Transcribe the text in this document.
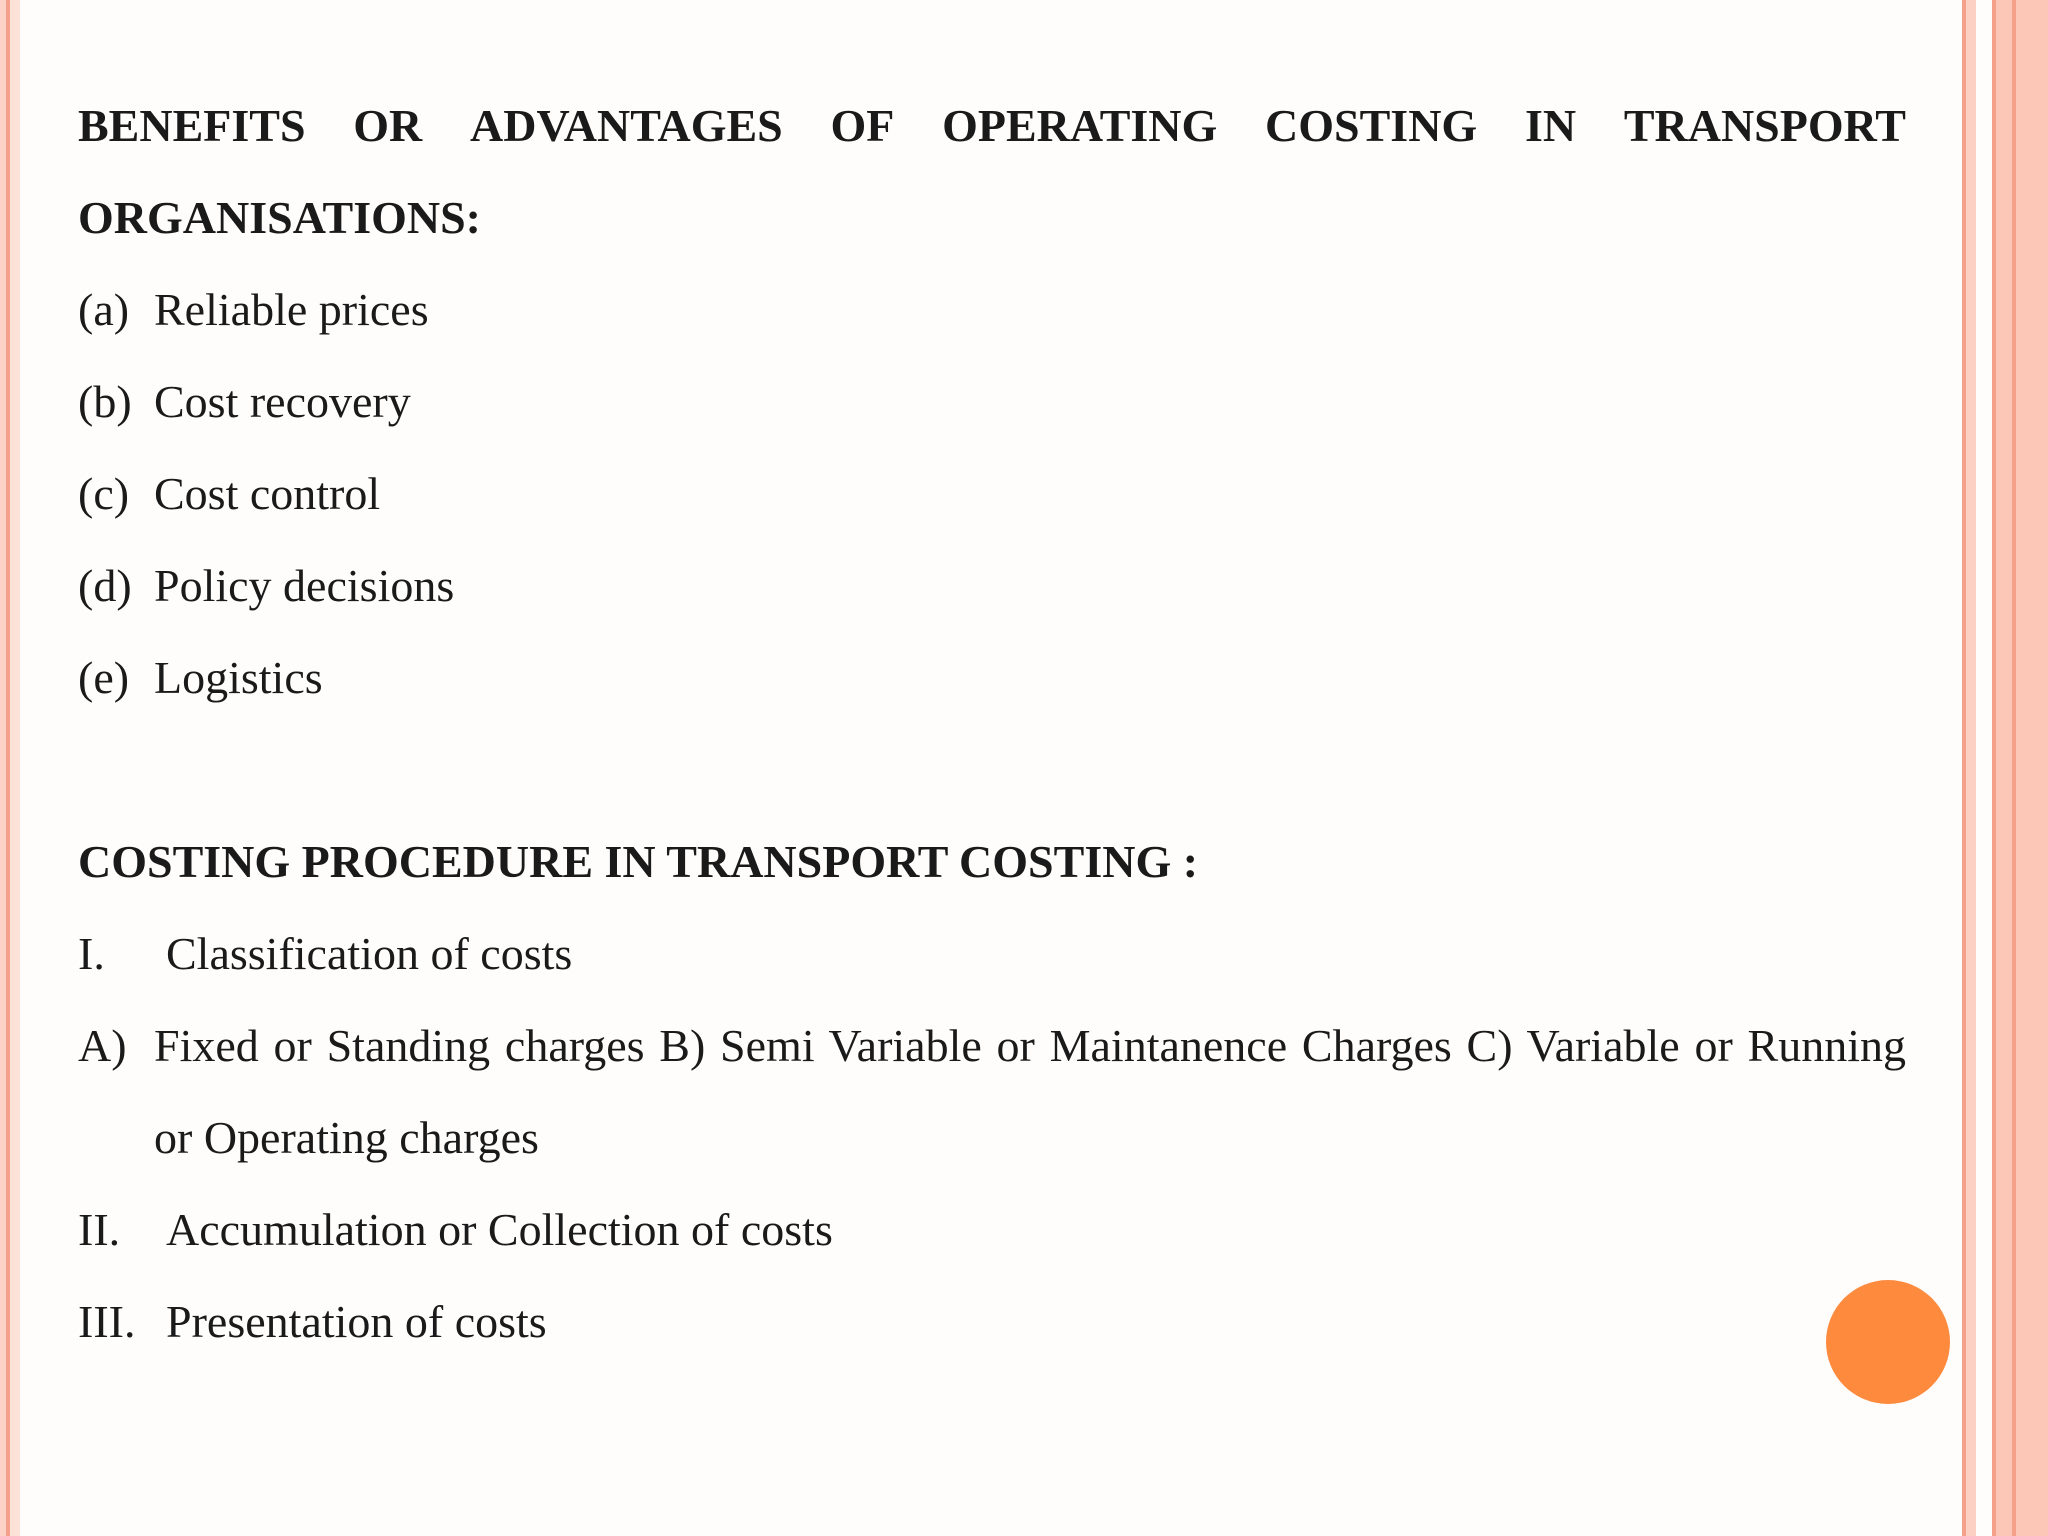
BENEFITS OR ADVANTAGES OF OPERATING COSTING IN TRANSPORT
ORGANISATIONS:
(a) Reliable prices
(b) Cost recovery
(c) Cost control
(d) Policy decisions
(e) Logistics
COSTING PROCEDURE IN TRANSPORT COSTING :
I. Classification of costs
A) Fixed or Standing charges B) Semi Variable or Maintanence Charges C) Variable or Running or Operating charges
II. Accumulation or Collection of costs
III. Presentation of costs
